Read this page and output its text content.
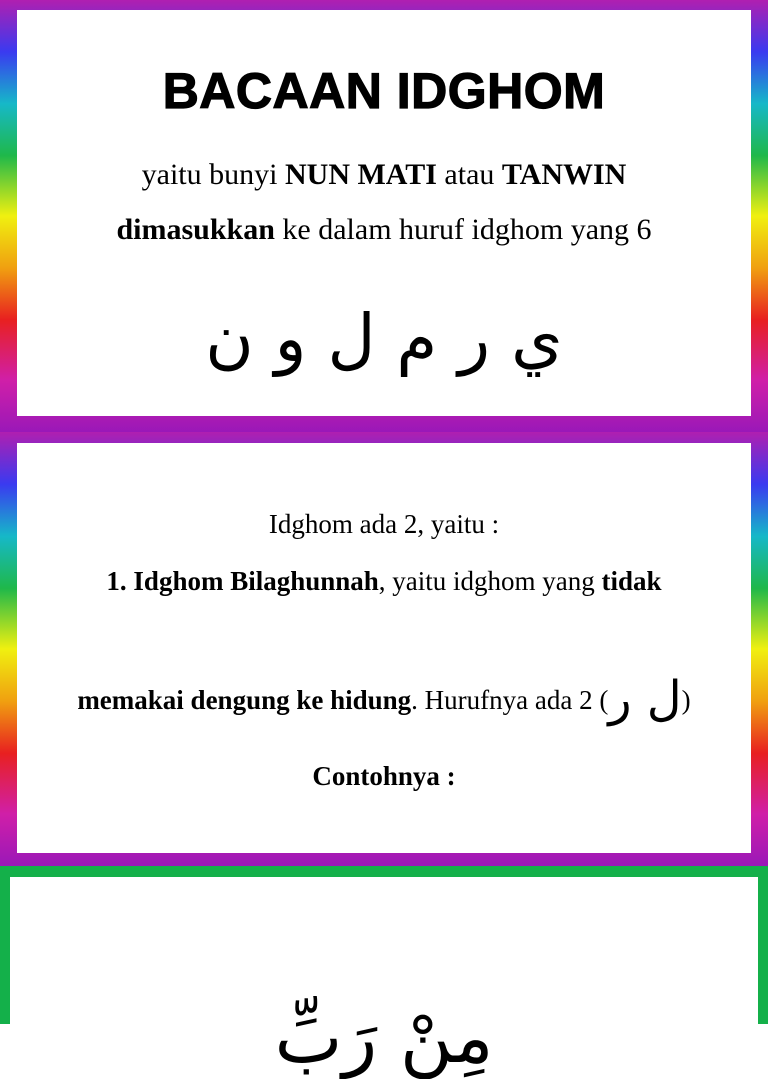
BACAAN IDGHOM
yaitu bunyi NUN MATI atau TANWIN
dimasukkan ke dalam huruf idghom yang 6
ي ر م ل و ن
Idghom ada 2, yaitu :
1. Idghom Bilaghunnah, yaitu idghom yang tidak
memakai dengung ke hidung. Hurufnya ada 2 (ل ر)
Contohnya :
مِنْ رَبِّ
